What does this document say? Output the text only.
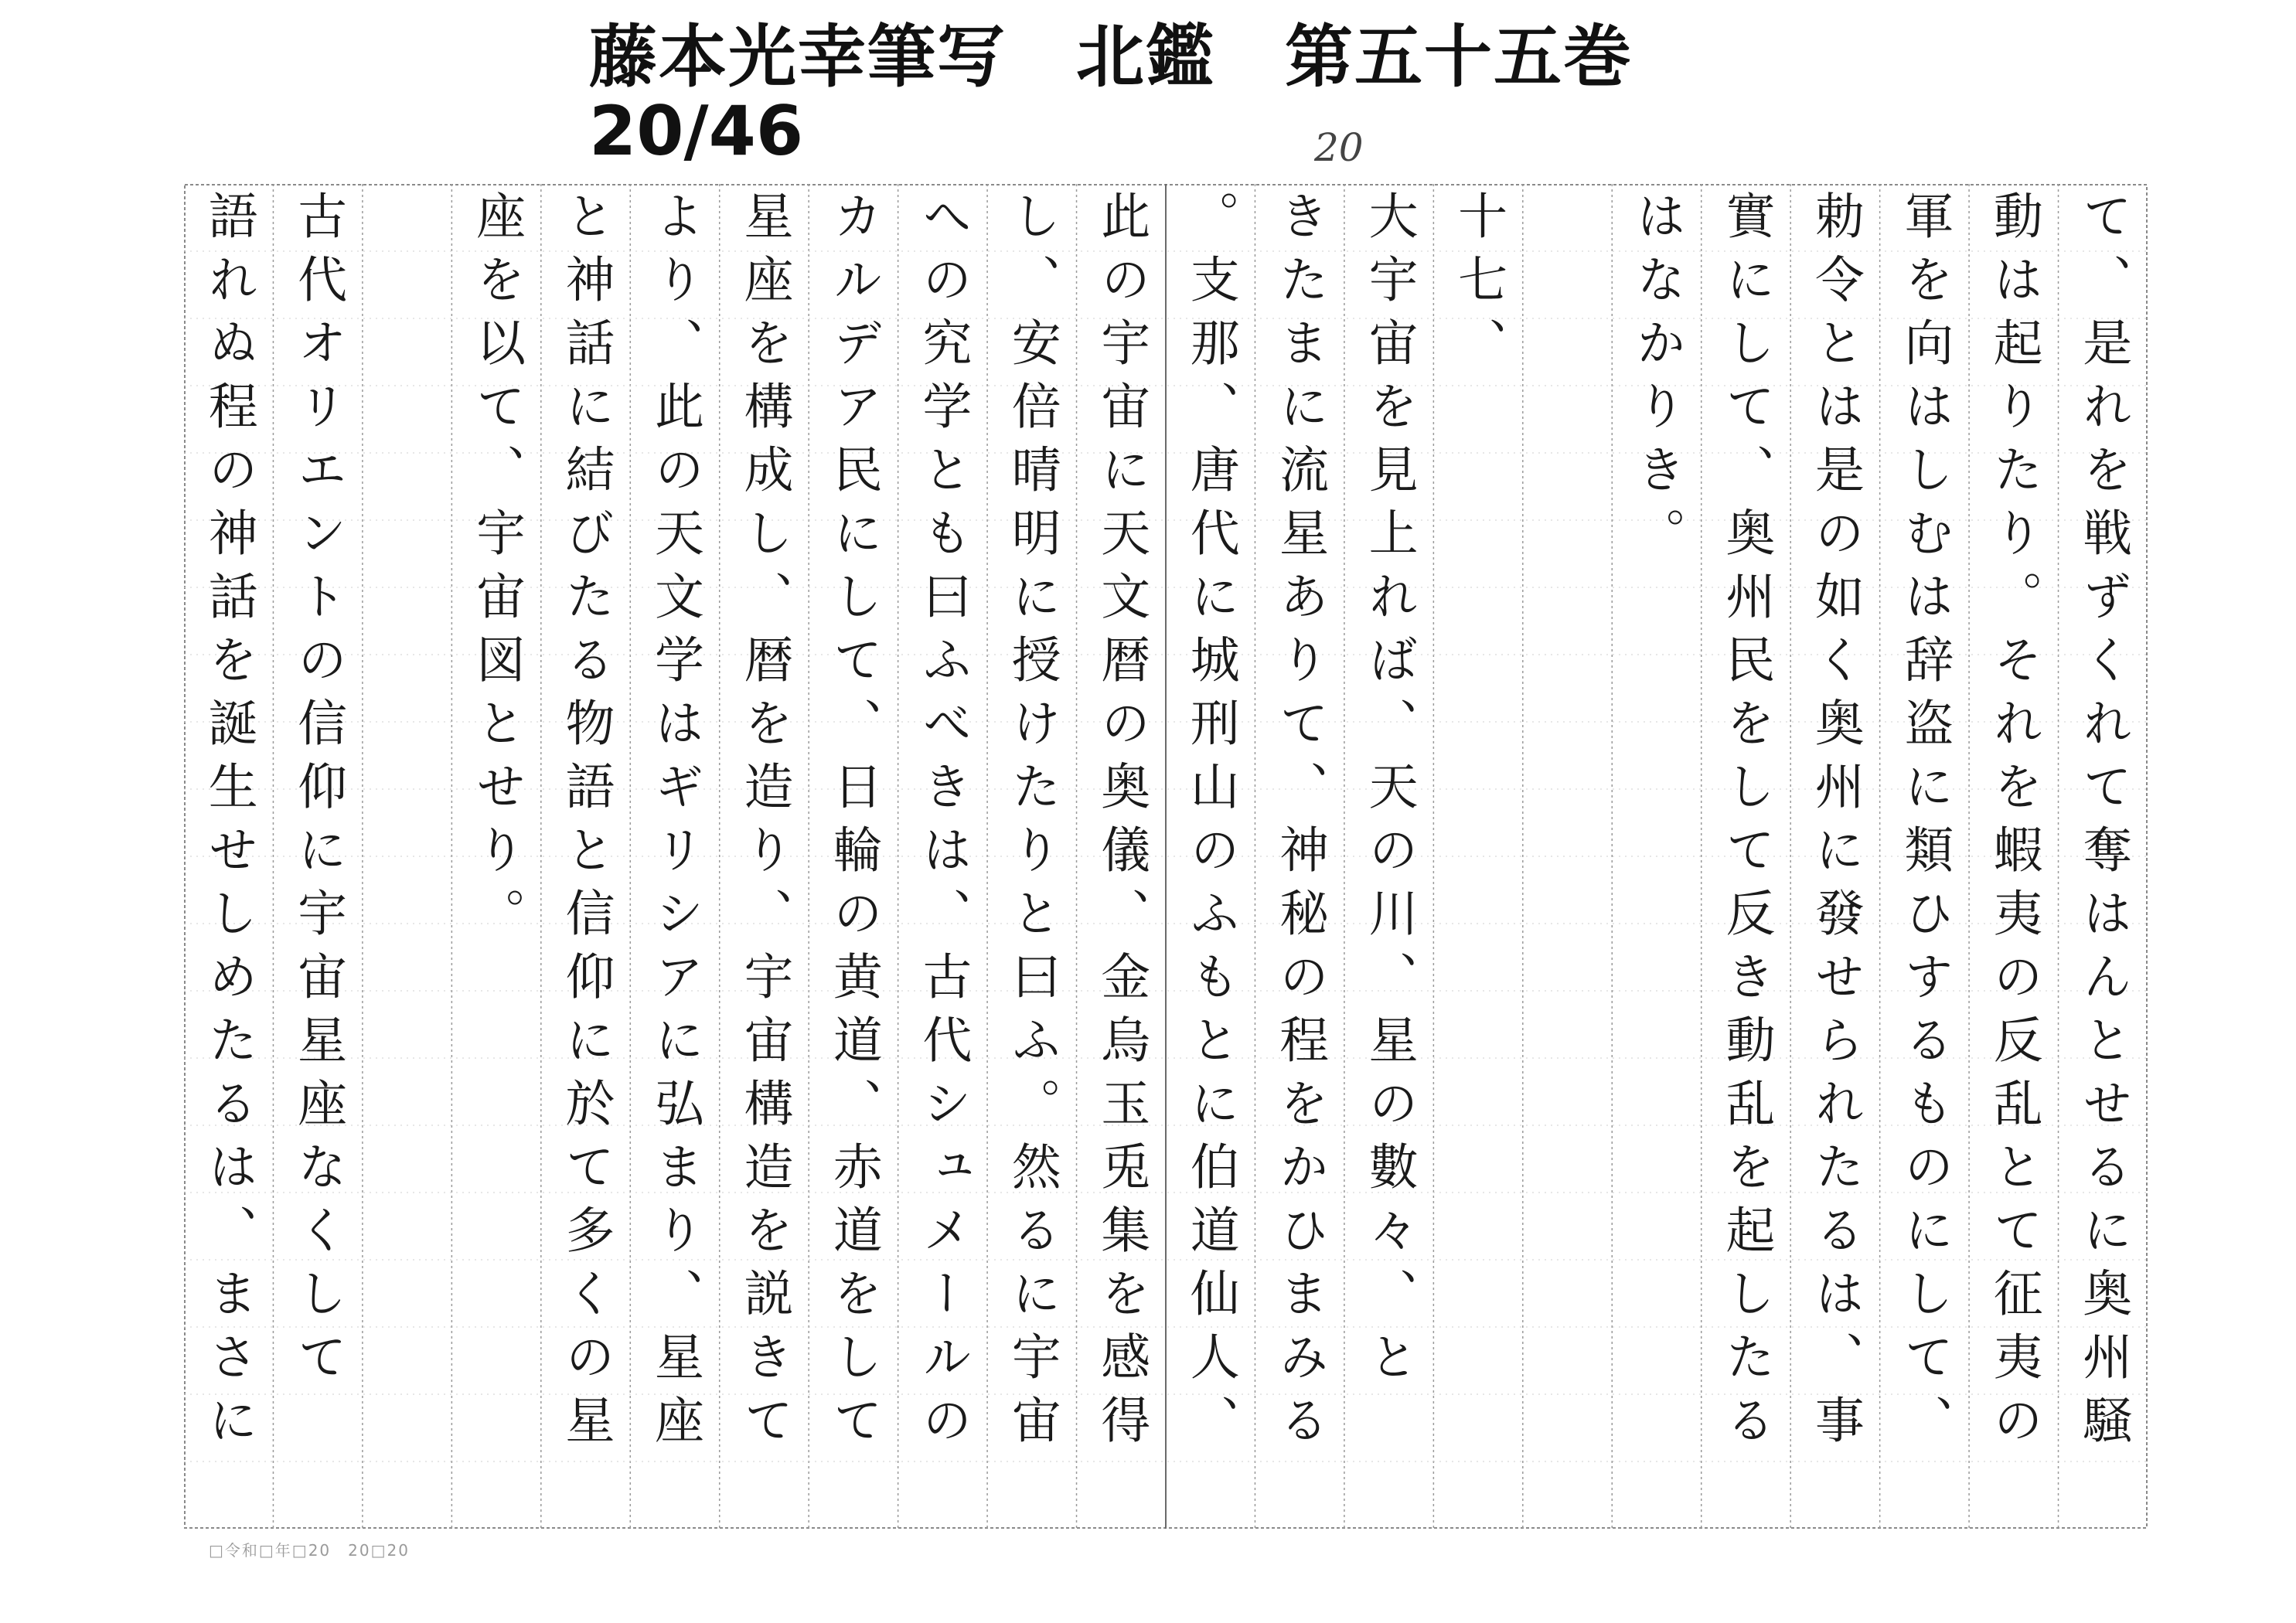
藤本光幸筆写　北鑑　第五十五巻
20/46	20
て、是れを戦ずくれて奪はんとせるに奥州騒
動は起りたり。それを蝦夷の反乱とて征夷の
軍を向はしむは辞盗に類ひするものにして、
勅令とは是の如く奥州に發せられたるは、事
實にして、奥州民をして反き動乱を起したる
はなかりき。
十七、
大宇宙を見上れば、天の川、星の數々、と
きたまに流星ありて、神秘の程をかひまみる
。支那、唐代に城刑山のふもとに伯道仙人、
此の宇宙に天文暦の奥儀、金烏玉兎集を感得
し、安倍晴明に授けたりと曰ふ。然るに宇宙
への究学とも曰ふべきは、古代シュメールの
カルデア民にして、日輪の黄道、赤道をして
星座を構成し、暦を造り、宇宙構造を説きて
より、此の天文学はギリシアに弘まり、星座
と神話に結びたる物語と信仰に於て多くの星
座を以て、宇宙図とせり。
古代オリエントの信仰に宇宙星座なくして
語れぬ程の神話を誕生せしめたるは、まさに
□令和□年□20　20□20
